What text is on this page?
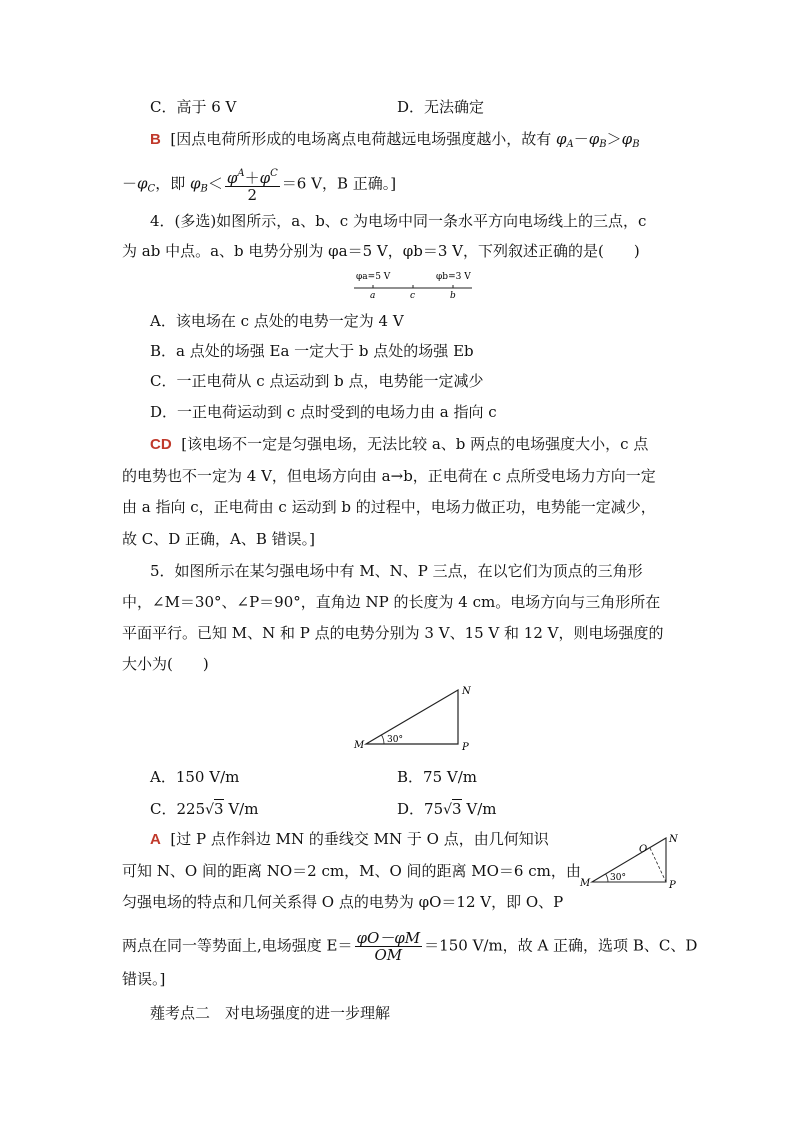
C．高于 6 V	D．无法确定
B [因点电荷所形成的电场离点电荷越远电场强度越小，故有 $\varphi_A-\varphi_B>\varphi_B$
$-\varphi_C$，即 $\varphi_B< \frac{\varphi^A+\varphi^C}{2} =6$ V，B 正确。]
4．(多选)如图所示，a、b、c 为电场中同一条水平方向电场线上的三点，c
为 ab 中点。a、b 电势分别为 φa＝5 V，φb＝3 V，下列叙述正确的是(　　)
φa=5 V	φb=3 V
a	c	b
A．该电场在 c 点处的电势一定为 4 V
B．a 点处的场强 Ea 一定大于 b 点处的场强 Eb
C．一正电荷从 c 点运动到 b 点，电势能一定减少
D．一正电荷运动到 c 点时受到的电场力由 a 指向 c
CD [该电场不一定是匀强电场，无法比较 a、b 两点的电场强度大小，c 点
的电势也不一定为 4 V，但电场方向由 a→b，正电荷在 c 点所受电场力方向一定
由 a 指向 c，正电荷由 c 运动到 b 的过程中，电场力做正功，电势能一定减少，
故 C、D 正确，A、B 错误。]
5．如图所示在某匀强电场中有 M、N、P 三点，在以它们为顶点的三角形
中，∠M＝30°、∠P＝90°，直角边 NP 的长度为 4 cm。电场方向与三角形所在
平面平行。已知 M、N 和 P 点的电势分别为 3 V、15 V 和 12 V，则电场强度的
大小为(　　)
30°
M
N
P
A．150 V/m	B．75 V/m
C．225√3 V/m	D．75√3 V/m
A [过 P 点作斜边 MN 的垂线交 MN 于 O 点，由几何知识
可知 N、O 间的距离 NO＝2 cm，M、O 间的距离 MO＝6 cm，由
匀强电场的特点和几何关系得 O 点的电势为 φO＝12 V，即 O、P
30°
M
N
P
O
两点在同一等势面上,电场强度 $E= \frac{\varphi O-\varphi M}{OM} =150$ V/m，故 A 正确，选项 B、C、D
错误。]
薤考点二　对电场强度的进一步理解
